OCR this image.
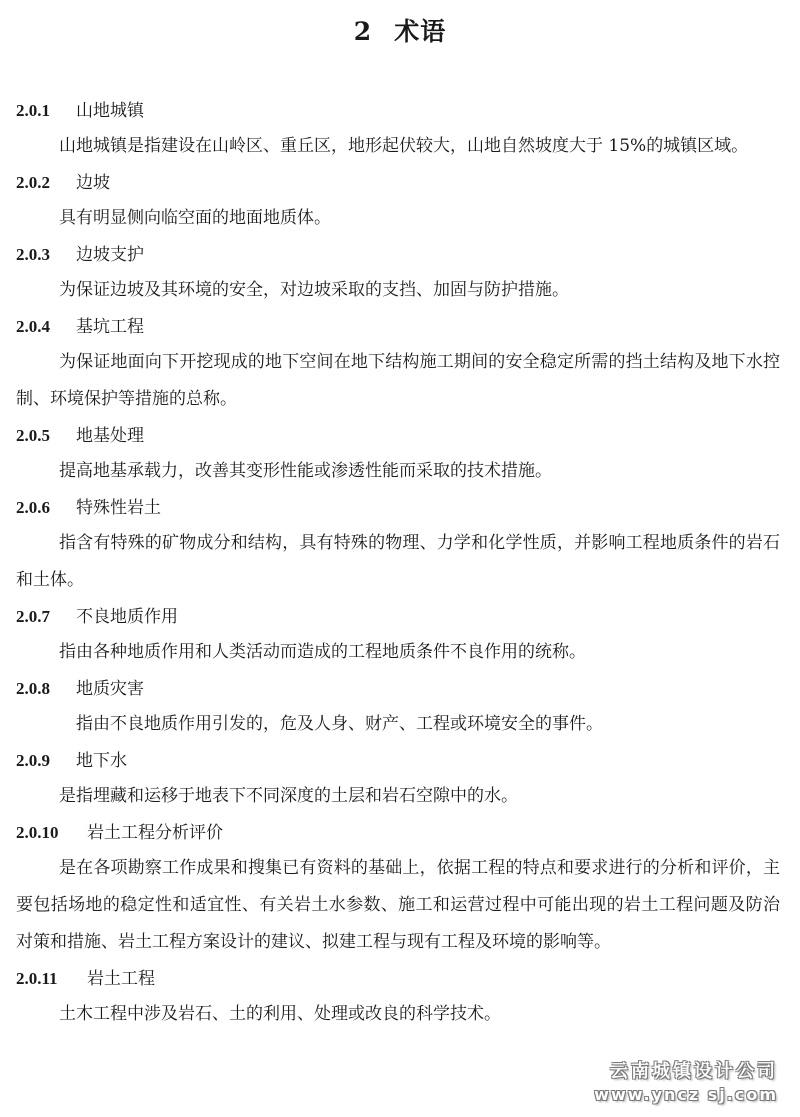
2 术语
2.0.1 山地城镇

山地城镇是指建设在山岭区、重丘区，地形起伏较大，山地自然坡度大于 15%的城镇区域。

2.0.2 边坡

具有明显侧向临空面的地面地质体。

2.0.3 边坡支护

为保证边坡及其环境的安全，对边坡采取的支挡、加固与防护措施。

2.0.4 基坑工程

为保证地面向下开挖现成的地下空间在地下结构施工期间的安全稳定所需的挡土结构及地下水控制、环境保护等措施的总称。

2.0.5 地基处理

提高地基承载力，改善其变形性能或渗透性能而采取的技术措施。

2.0.6 特殊性岩土

指含有特殊的矿物成分和结构，具有特殊的物理、力学和化学性质，并影响工程地质条件的岩石和土体。

2.0.7 不良地质作用

指由各种地质作用和人类活动而造成的工程地质条件不良作用的统称。

2.0.8 地质灾害

指由不良地质作用引发的，危及人身、财产、工程或环境安全的事件。

2.0.9 地下水

是指埋藏和运移于地表下不同深度的土层和岩石空隙中的水。

2.0.10 岩土工程分析评价

是在各项勘察工作成果和搜集已有资料的基础上，依据工程的特点和要求进行的分析和评价，主要包括场地的稳定性和适宜性、有关岩土水参数、施工和运营过程中可能出现的岩土工程问题及防治对策和措施、岩土工程方案设计的建议、拟建工程与现有工程及环境的影响等。

2.0.11 岩土工程

土木工程中涉及岩石、土的利用、处理或改良的科学技术。

云南城镇设计公司
www.yncz sj.com
